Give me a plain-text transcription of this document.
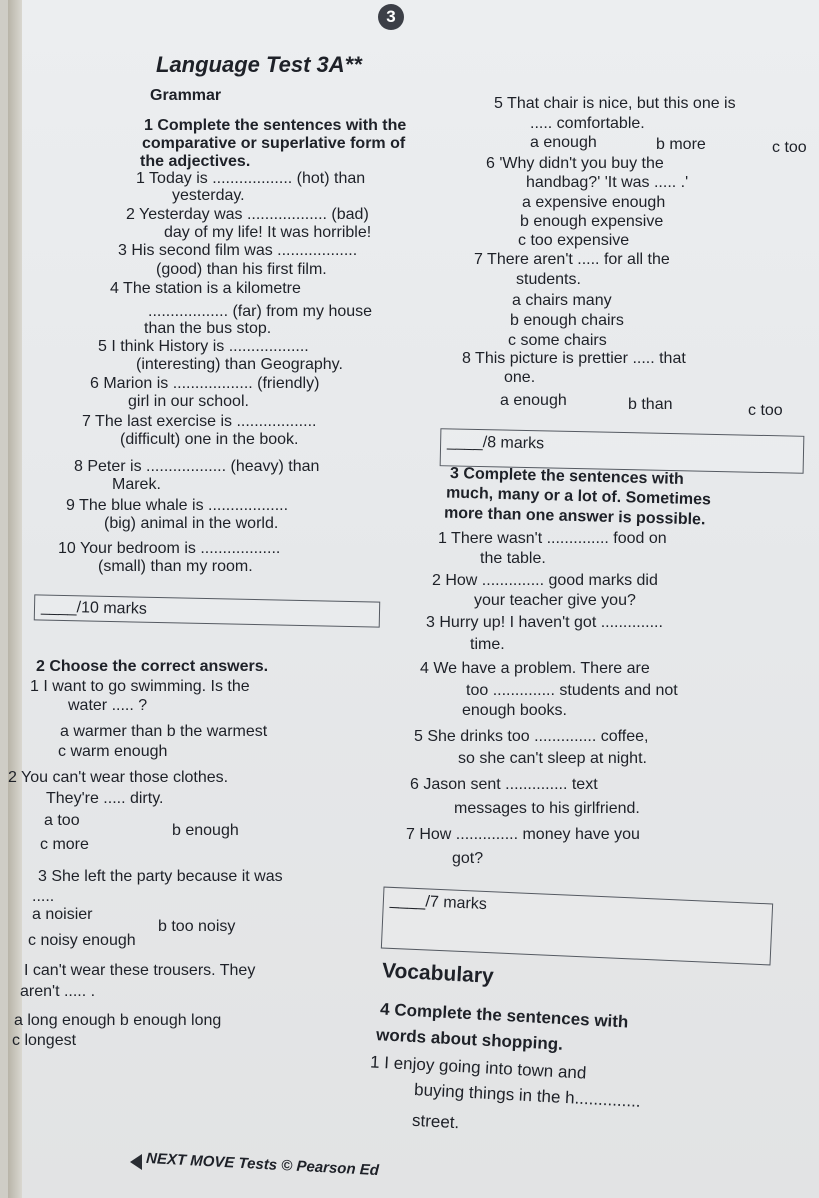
3
Language Test 3A**
Grammar
1 Complete the sentences with the
comparative or superlative form of
the adjectives.
1 Today is .................. (hot) than
yesterday.
2 Yesterday was .................. (bad)
day of my life! It was horrible!
3 His second film was ..................
(good) than his first film.
4 The station is a kilometre
.................. (far) from my house
than the bus stop.
5 I think History is ..................
(interesting) than Geography.
6 Marion is .................. (friendly)
girl in our school.
7 The last exercise is ..................
(difficult) one in the book.
8 Peter is .................. (heavy) than
Marek.
9 The blue whale is ..................
(big) animal in the world.
10 Your bedroom is ..................
(small) than my room.
____/10 marks
2 Choose the correct answers.
1 I want to go swimming. Is the
water ..... ?
a warmer than b the warmest
c warm enough
2 You can't wear those clothes.
They're ..... dirty.
a too
b enough
c more
3 She left the party because it was
.....
a noisier
b too noisy
c noisy enough
I can't wear these trousers. They
aren't ..... .
a long enough b enough long
c longest
5 That chair is nice, but this one is
..... comfortable.
a enough	b more	c too
6 'Why didn't you buy the
handbag?' 'It was ..... .'
a expensive enough
b enough expensive
c too expensive
7 There aren't ..... for all the
students.
a chairs many
b enough chairs
c some chairs
8 This picture is prettier ..... that
one.
a enough	b than	c too
____/8 marks
3 Complete the sentences with
much, many or a lot of. Sometimes
more than one answer is possible.
1 There wasn't .............. food on
the table.
2 How .............. good marks did
your teacher give you?
3 Hurry up! I haven't got ..............
time.
4 We have a problem. There are
too .............. students and not
enough books.
5 She drinks too .............. coffee,
so she can't sleep at night.
6 Jason sent .............. text
messages to his girlfriend.
7 How .............. money have you
got?
____/7 marks
Vocabulary
4 Complete the sentences with
words about shopping.
1 I enjoy going into town and
buying things in the h..............
street.
NEXT MOVE Tests © Pearson Ed
